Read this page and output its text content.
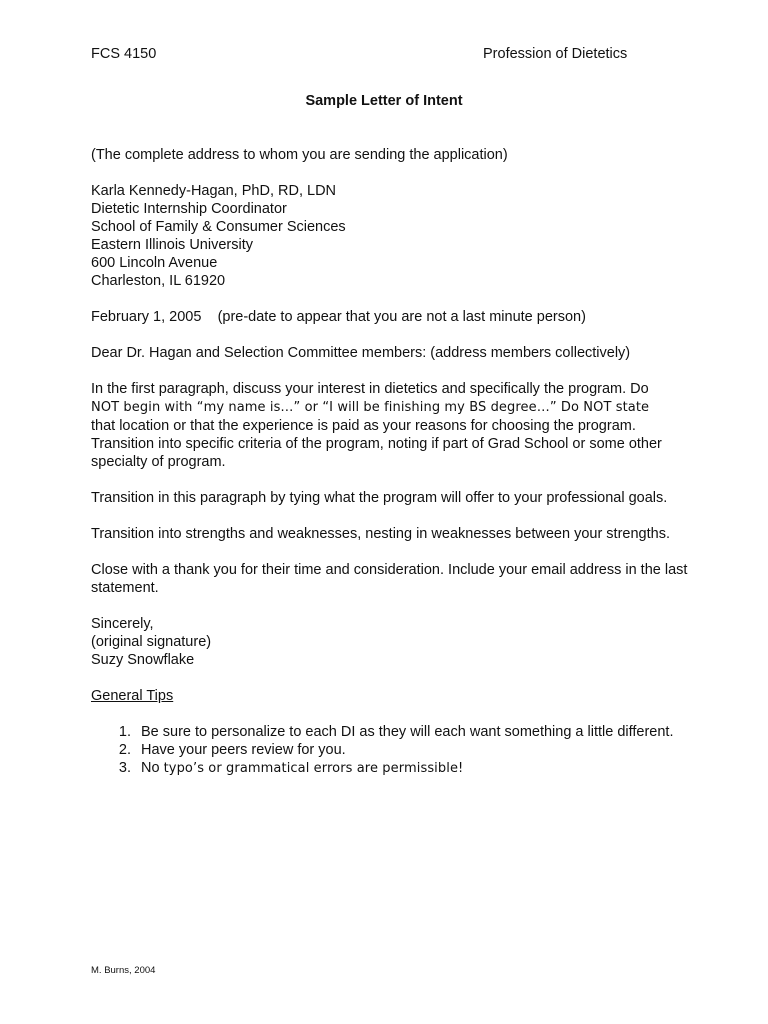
FCS 4150	Profession of Dietetics
Sample Letter of Intent

(The complete address to whom you are sending the application)

Karla Kennedy-Hagan, PhD, RD, LDN
Dietetic Internship Coordinator
School of Family & Consumer Sciences
Eastern Illinois University
600 Lincoln Avenue
Charleston, IL 61920

February 1, 2005 (pre-date to appear that you are not a last minute person)

Dear Dr. Hagan and Selection Committee members: (address members collectively)

In the first paragraph, discuss your interest in dietetics and specifically the program. Do
NOT begin with “my name is…” or “I will be finishing my BS degree…” Do NOT state
that location or that the experience is paid as your reasons for choosing the program. Transition into specific criteria of the program, noting if part of Grad School or some other specialty of program.

Transition in this paragraph by tying what the program will offer to your professional goals.

Transition into strengths and weaknesses, nesting in weaknesses between your strengths.

Close with a thank you for their time and consideration. Include your email address in the last statement.

Sincerely,
(original signature)
Suzy Snowflake

General Tips

1. Be sure to personalize to each DI as they will each want something a little different.
2. Have your peers review for you.
3. No typo’s or grammatical errors are permissible!
M. Burns, 2004
